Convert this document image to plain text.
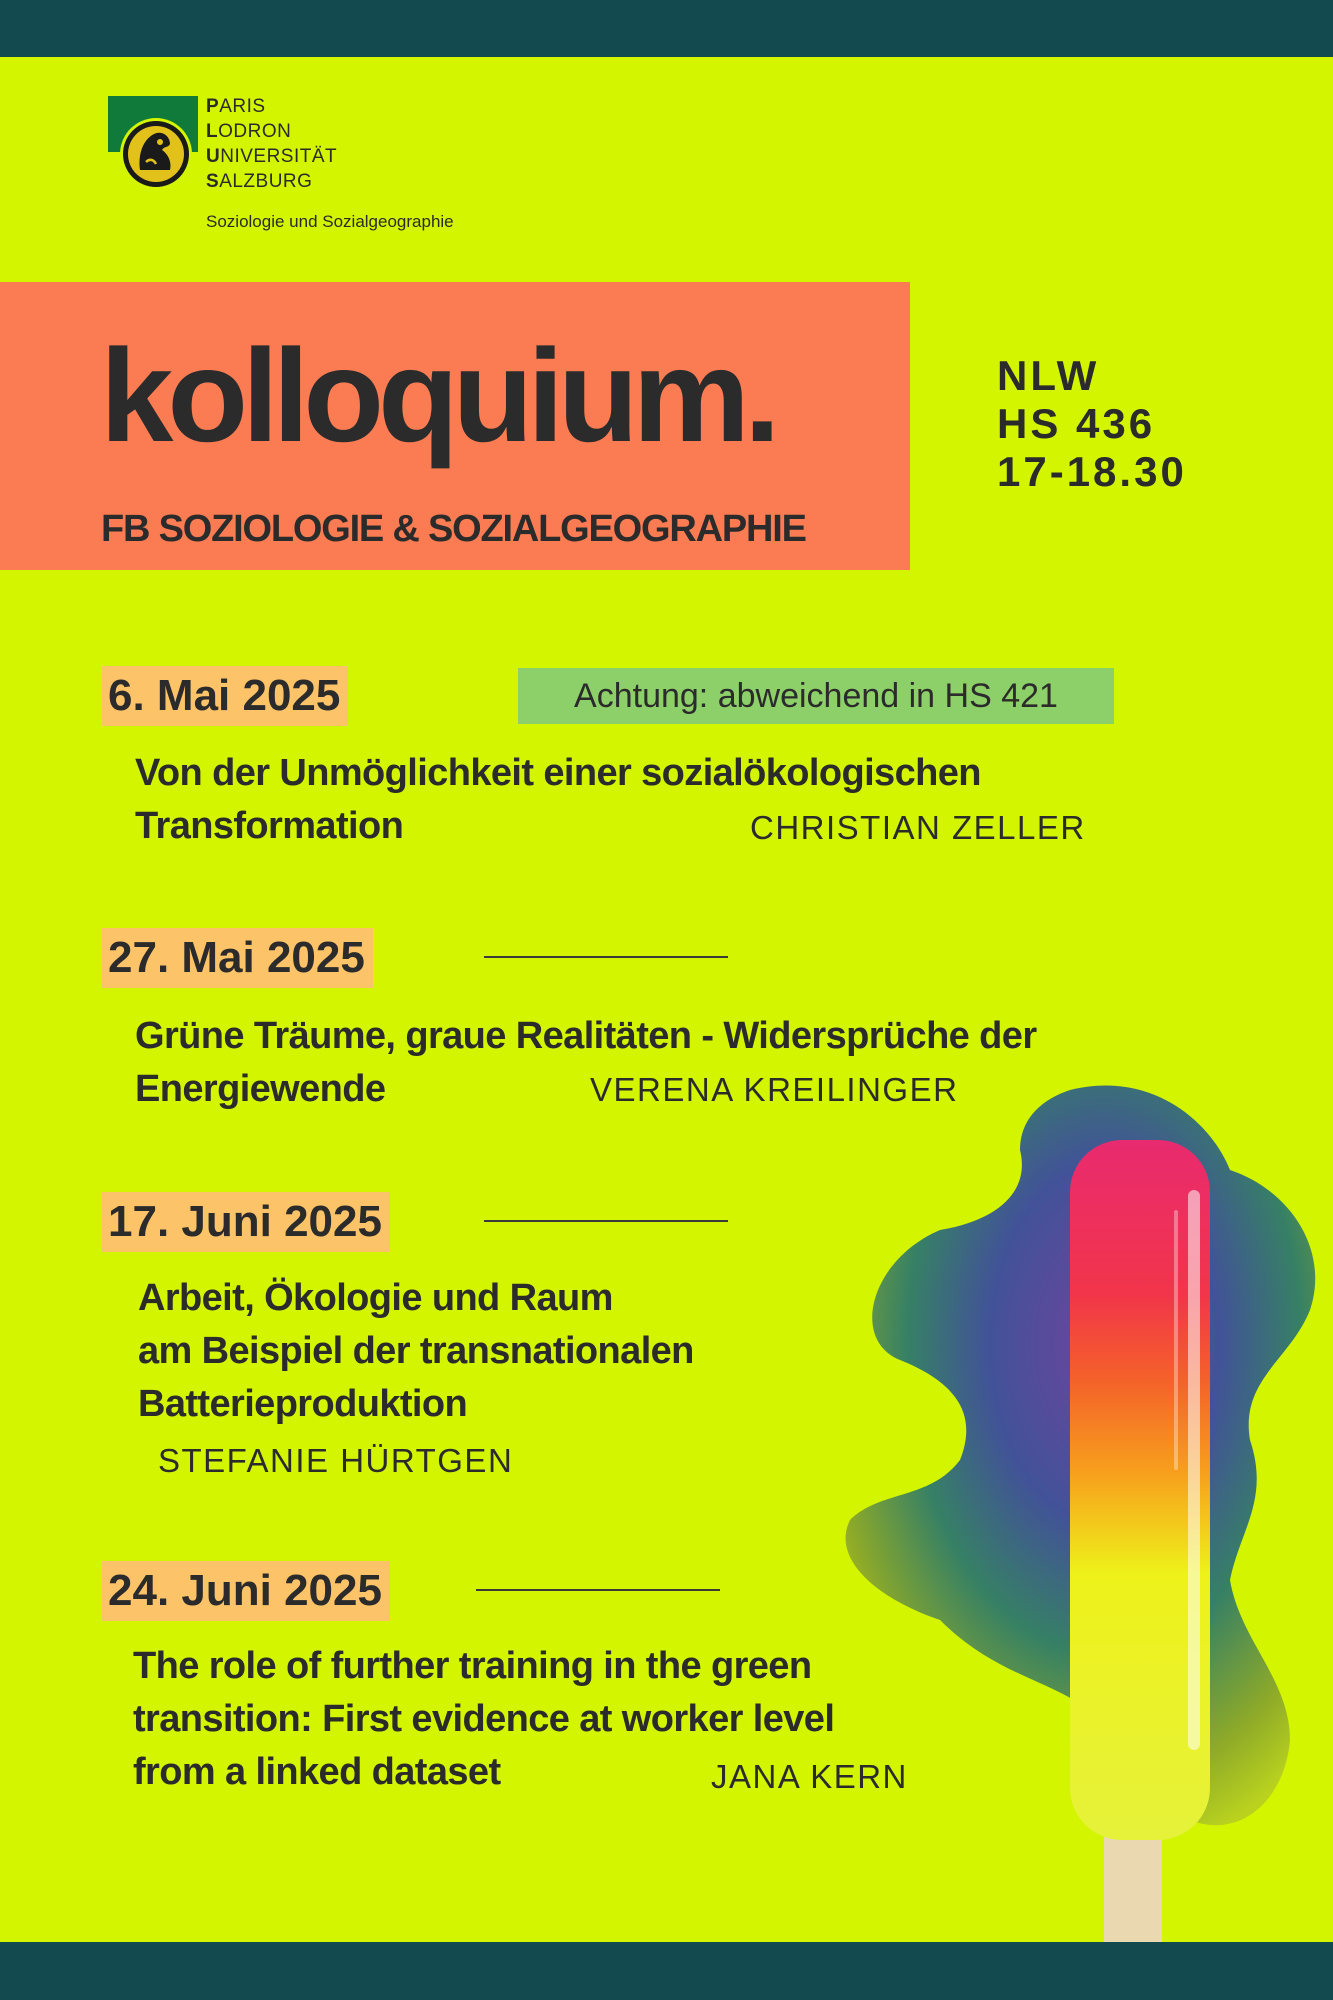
PARIS
LODRON
UNIVERSITÄT
SALZBURG
Soziologie und Sozialgeographie
kolloquium.
FB SOZIOLOGIE & SOZIALGEOGRAPHIE
NLW
HS 436
17-18.30
6. Mai 2025	Achtung: abweichend in HS 421
Von der Unmöglichkeit einer sozialökologischen
Transformation	CHRISTIAN ZELLER
27. Mai 2025
Grüne Träume, graue Realitäten - Widersprüche der
Energiewende	VERENA KREILINGER
17. Juni 2025
Arbeit, Ökologie und Raum
am Beispiel der transnationalen
Batterieproduktion
STEFANIE HÜRTGEN
24. Juni 2025
The role of further training in the green
transition: First evidence at worker level
from a linked dataset	JANA KERN
